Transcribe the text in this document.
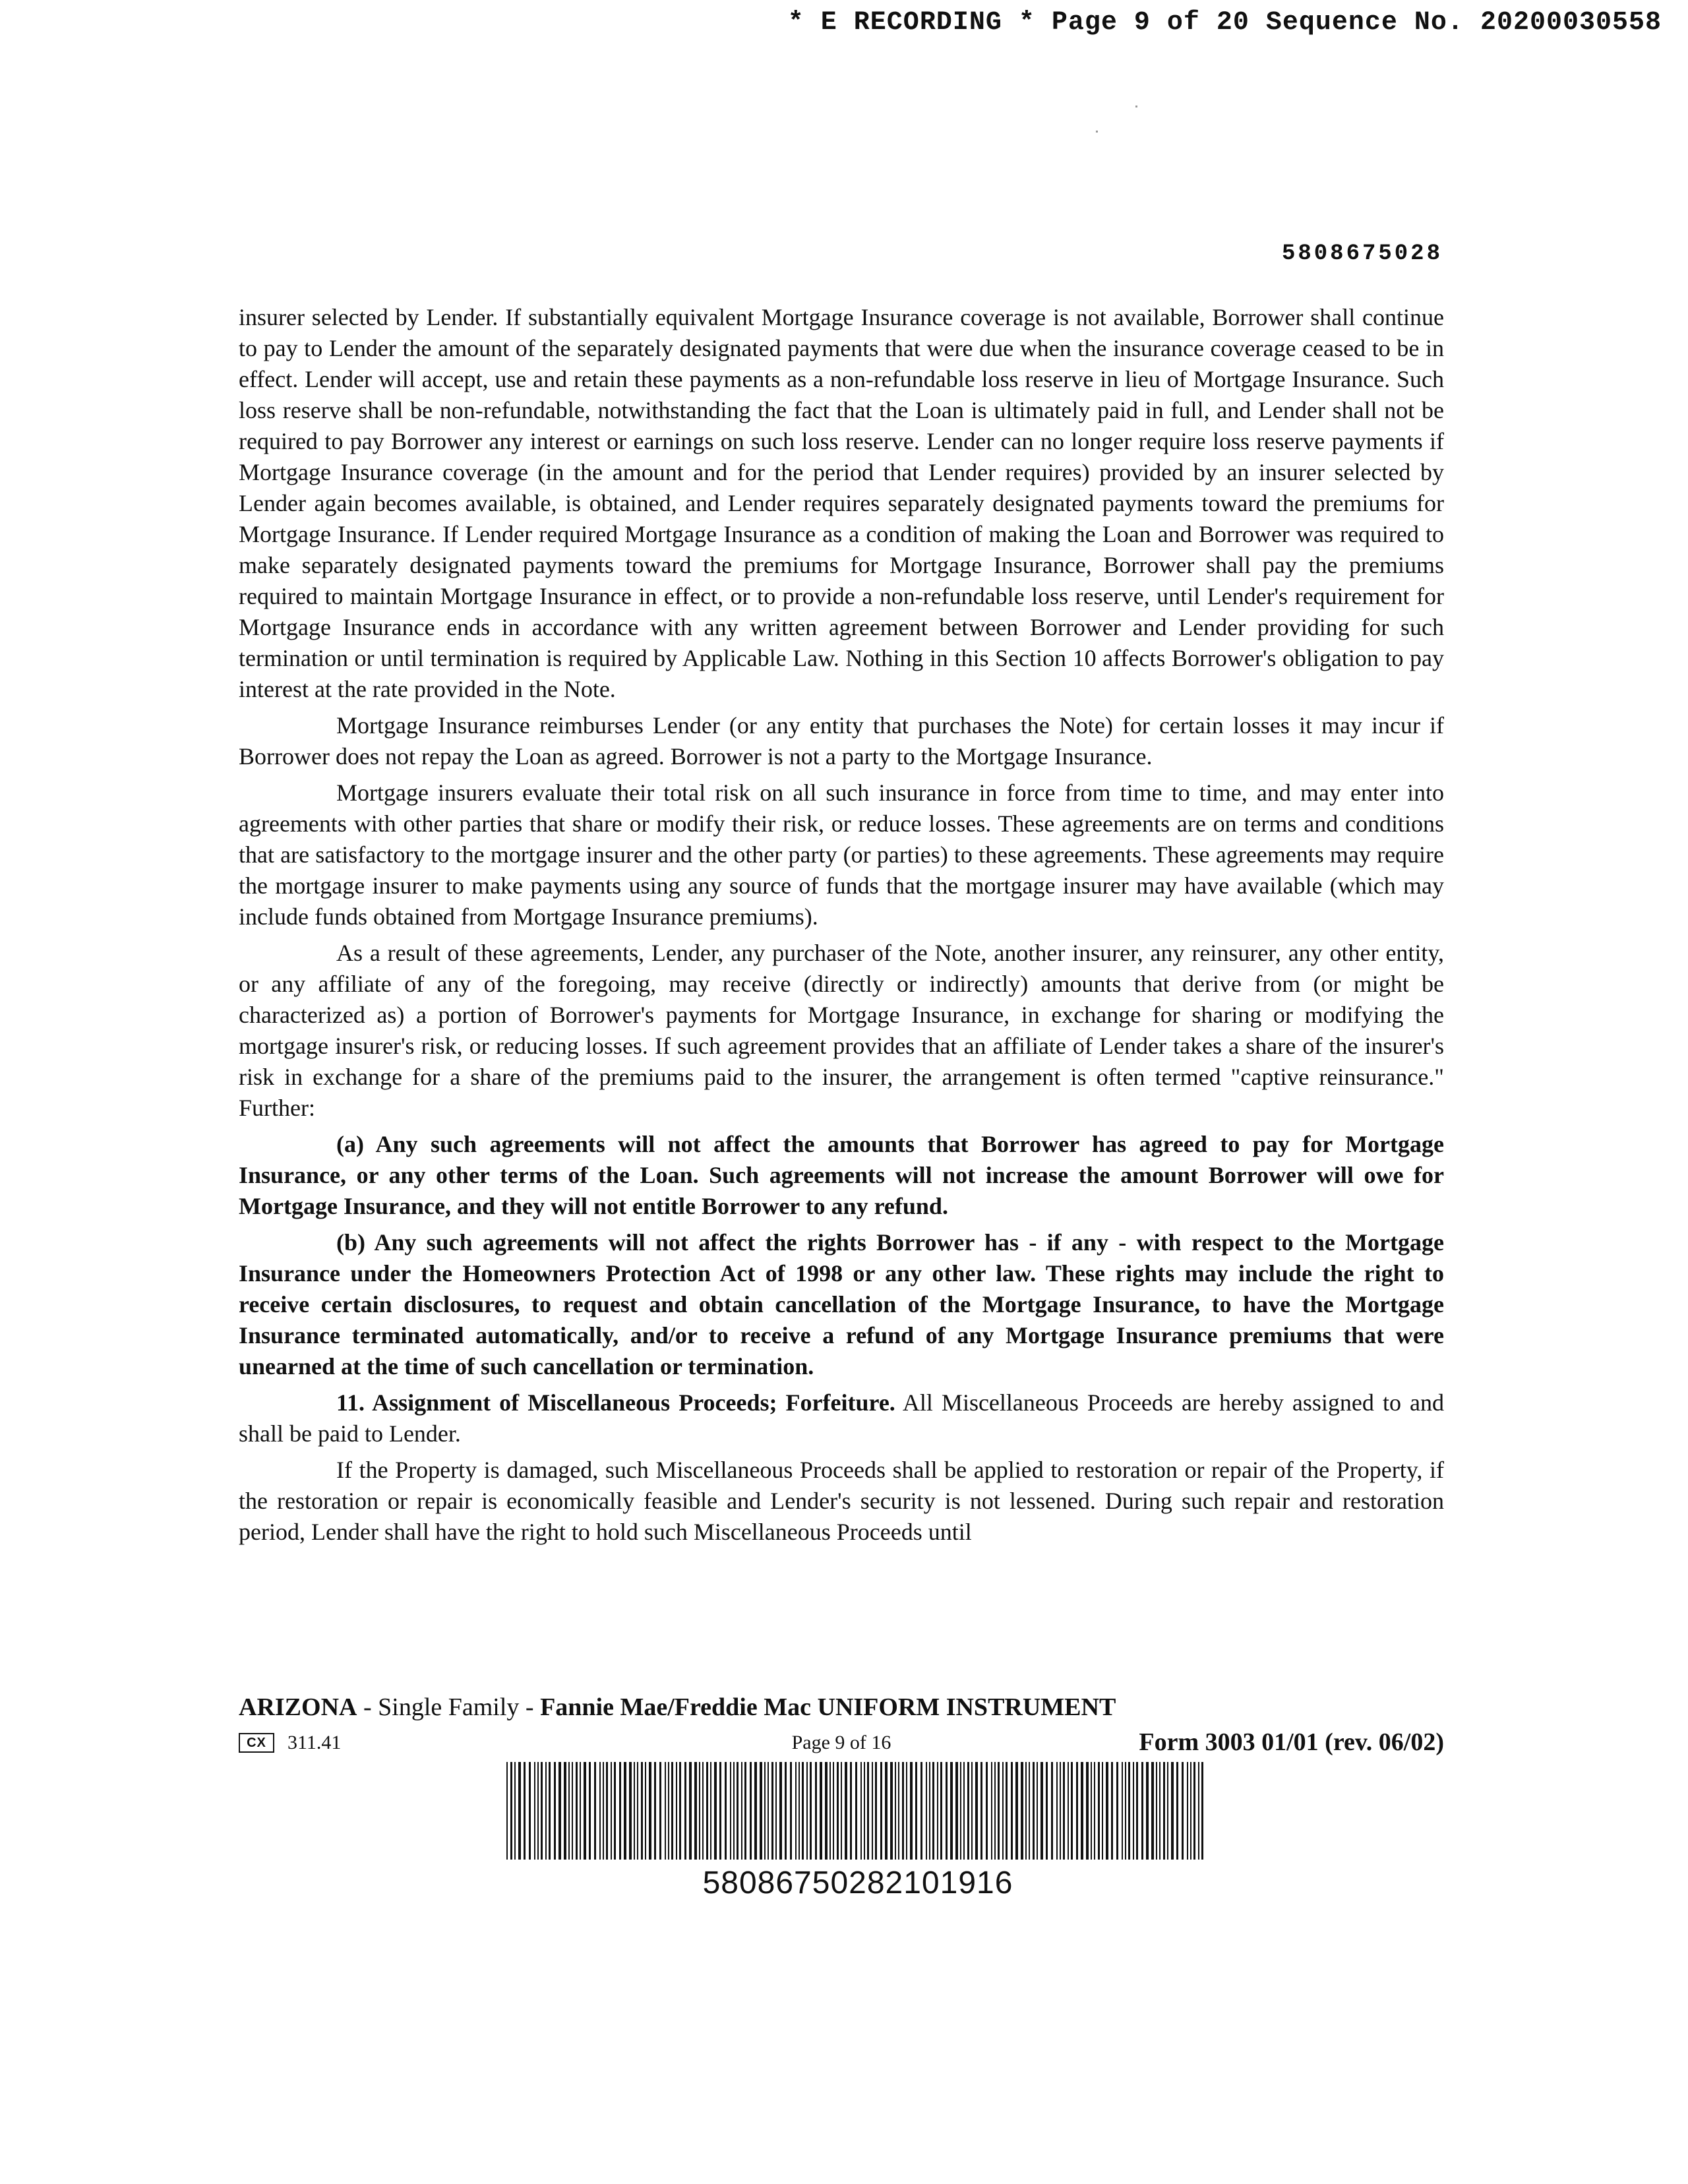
* E RECORDING * Page 9 of 20 Sequence No. 20200030558
5808675028

insurer selected by Lender. If substantially equivalent Mortgage Insurance coverage is not available, Borrower shall continue to pay to Lender the amount of the separately designated payments that were due when the insurance coverage ceased to be in effect. Lender will accept, use and retain these payments as a non-refundable loss reserve in lieu of Mortgage Insurance. Such loss reserve shall be non-refundable, notwithstanding the fact that the Loan is ultimately paid in full, and Lender shall not be required to pay Borrower any interest or earnings on such loss reserve. Lender can no longer require loss reserve payments if Mortgage Insurance coverage (in the amount and for the period that Lender requires) provided by an insurer selected by Lender again becomes available, is obtained, and Lender requires separately designated payments toward the premiums for Mortgage Insurance. If Lender required Mortgage Insurance as a condition of making the Loan and Borrower was required to make separately designated payments toward the premiums for Mortgage Insurance, Borrower shall pay the premiums required to maintain Mortgage Insurance in effect, or to provide a non-refundable loss reserve, until Lender's requirement for Mortgage Insurance ends in accordance with any written agreement between Borrower and Lender providing for such termination or until termination is required by Applicable Law. Nothing in this Section 10 affects Borrower's obligation to pay interest at the rate provided in the Note.

Mortgage Insurance reimburses Lender (or any entity that purchases the Note) for certain losses it may incur if Borrower does not repay the Loan as agreed. Borrower is not a party to the Mortgage Insurance.

Mortgage insurers evaluate their total risk on all such insurance in force from time to time, and may enter into agreements with other parties that share or modify their risk, or reduce losses. These agreements are on terms and conditions that are satisfactory to the mortgage insurer and the other party (or parties) to these agreements. These agreements may require the mortgage insurer to make payments using any source of funds that the mortgage insurer may have available (which may include funds obtained from Mortgage Insurance premiums).

As a result of these agreements, Lender, any purchaser of the Note, another insurer, any reinsurer, any other entity, or any affiliate of any of the foregoing, may receive (directly or indirectly) amounts that derive from (or might be characterized as) a portion of Borrower's payments for Mortgage Insurance, in exchange for sharing or modifying the mortgage insurer's risk, or reducing losses. If such agreement provides that an affiliate of Lender takes a share of the insurer's risk in exchange for a share of the premiums paid to the insurer, the arrangement is often termed "captive reinsurance." Further:

(a) Any such agreements will not affect the amounts that Borrower has agreed to pay for Mortgage Insurance, or any other terms of the Loan. Such agreements will not increase the amount Borrower will owe for Mortgage Insurance, and they will not entitle Borrower to any refund.

(b) Any such agreements will not affect the rights Borrower has - if any - with respect to the Mortgage Insurance under the Homeowners Protection Act of 1998 or any other law. These rights may include the right to receive certain disclosures, to request and obtain cancellation of the Mortgage Insurance, to have the Mortgage Insurance terminated automatically, and/or to receive a refund of any Mortgage Insurance premiums that were unearned at the time of such cancellation or termination.

11. Assignment of Miscellaneous Proceeds; Forfeiture. All Miscellaneous Proceeds are hereby assigned to and shall be paid to Lender.

If the Property is damaged, such Miscellaneous Proceeds shall be applied to restoration or repair of the Property, if the restoration or repair is economically feasible and Lender's security is not lessened. During such repair and restoration period, Lender shall have the right to hold such Miscellaneous Proceeds until

ARIZONA - Single Family - Fannie Mae/Freddie Mac UNIFORM INSTRUMENT
CX	311.41	Page 9 of 16	Form 3003 01/01 (rev. 06/02)
58086750282101916
